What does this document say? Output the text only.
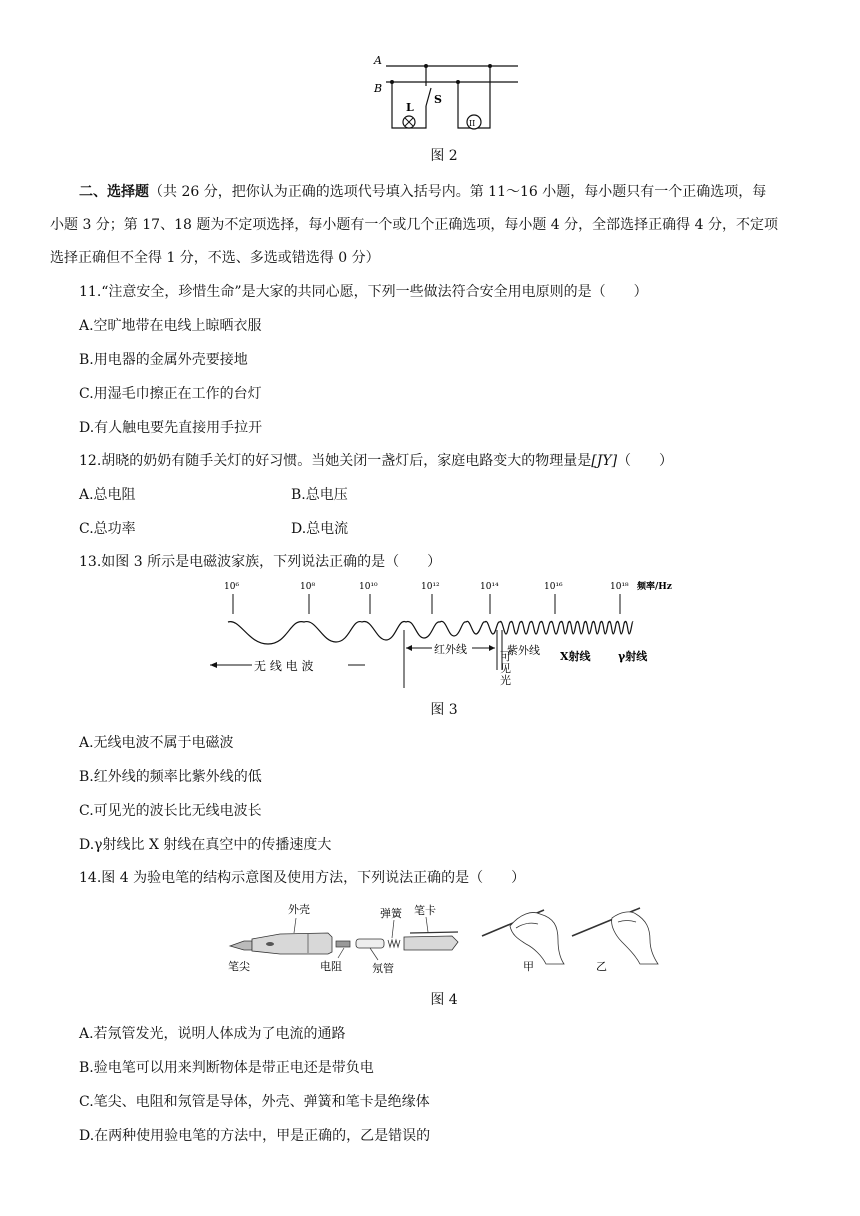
A
B
L
S
II
图 2
二、选择题（共 26 分，把你认为正确的选项代号填入括号内。第 11～16 小题，每小题只有一个正确选项，每
小题 3 分；第 17、18 题为不定项选择，每小题有一个或几个正确选项，每小题 4 分，全部选择正确得 4 分，不定项
选择正确但不全得 1 分，不选、多选或错选得 0 分）
11.“注意安全，珍惜生命”是大家的共同心愿，下列一些做法符合安全用电原则的是（　　）
A.空旷地带在电线上晾晒衣服
B.用电器的金属外壳要接地
C.用湿毛巾擦正在工作的台灯
D.有人触电要先直接用手拉开
12.胡晓的奶奶有随手关灯的好习惯。当她关闭一盏灯后，家庭电路变大的物理量是[JY]（　　）
A.总电阻	B.总电压
C.总功率	D.总电流
13.如图 3 所示是电磁波家族，下列说法正确的是（　　）
10⁶	10⁸	10¹⁰	10¹²	10¹⁴	10¹⁶	10¹⁸ 频率/Hz
无 线 电 波
红外线
可
见
光
紫外线 X射线 γ射线
图 3
A.无线电波不属于电磁波
B.红外线的频率比紫外线的低
C.可见光的波长比无线电波长
D.γ射线比 X 射线在真空中的传播速度大
14.图 4 为验电笔的结构示意图及使用方法，下列说法正确的是（　　）
外壳	弹簧 笔卡
笔尖	电阻	氖管	甲	乙
图 4
A.若氖管发光，说明人体成为了电流的通路
B.验电笔可以用来判断物体是带正电还是带负电
C.笔尖、电阻和氖管是导体，外壳、弹簧和笔卡是绝缘体
D.在两种使用验电笔的方法中，甲是正确的，乙是错误的
